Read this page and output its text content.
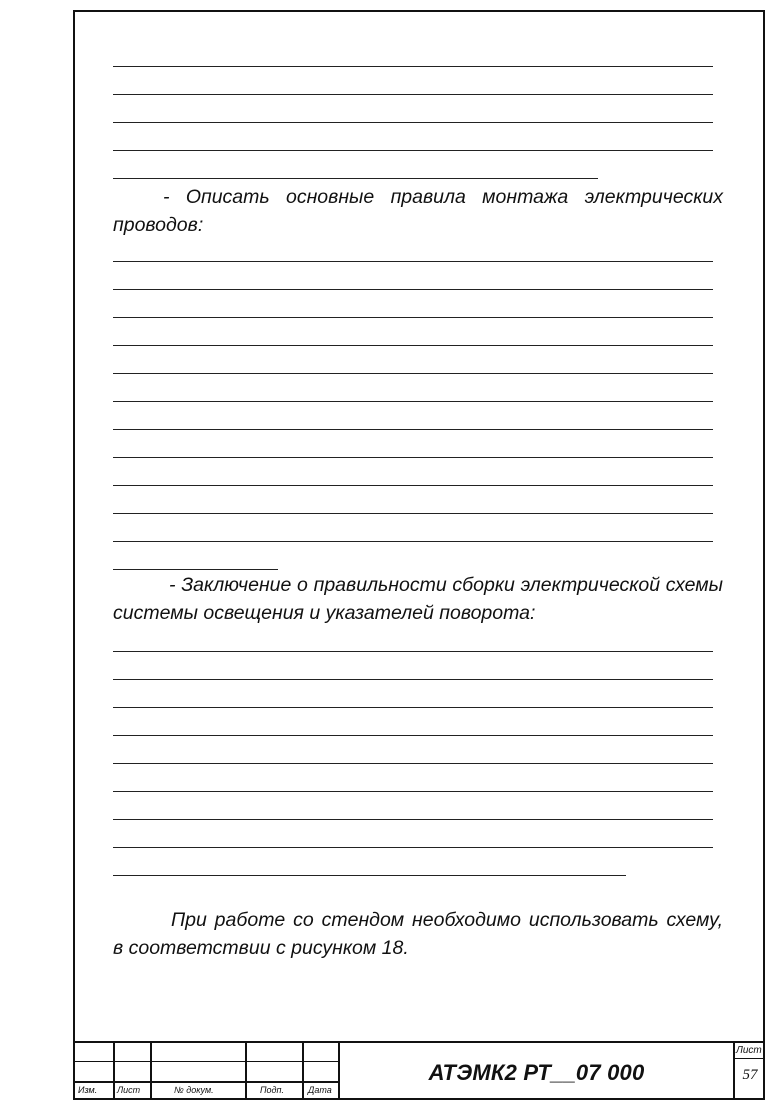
- Описать основные правила монтажа электрических проводов:

- Заключение о правильности сборки электрической схемы системы освещения и указателей поворота:

При работе со стендом необходимо использовать схему, в соответствии с рисунком 18.

Изм. Лист	№ докум.	Подп.	Дата
АТЭМК2 РТ__07 000
Лист
57
